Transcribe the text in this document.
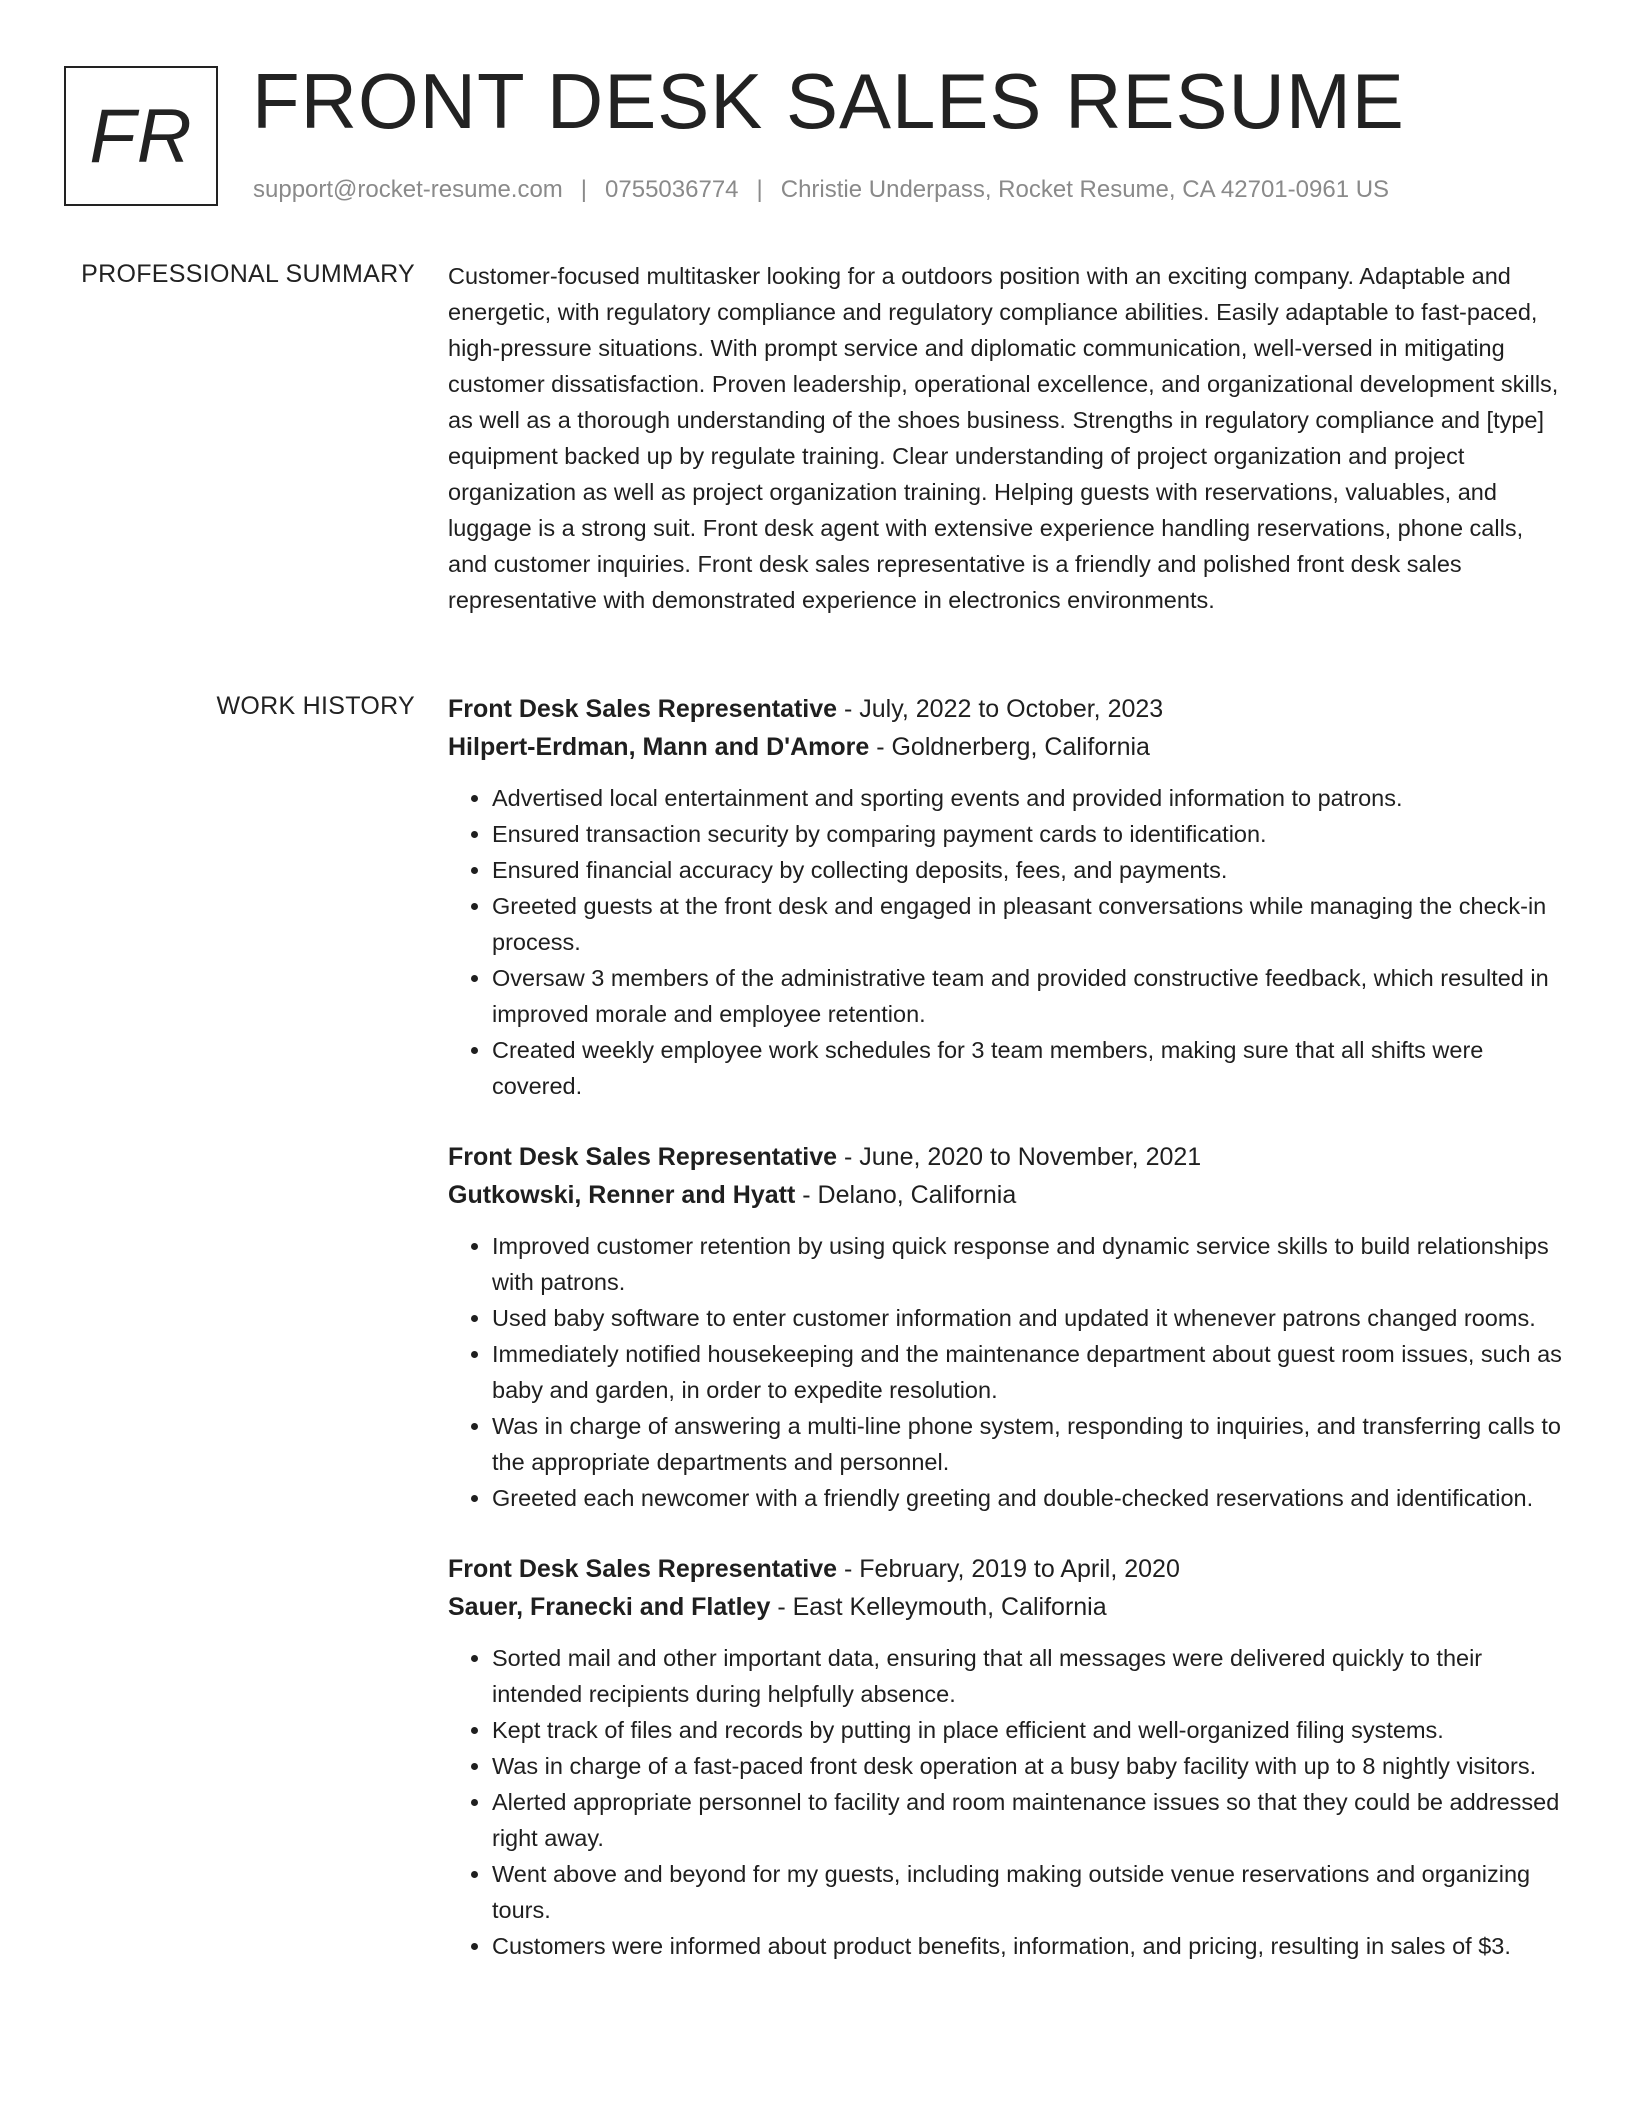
FR FRONT DESK SALES RESUME
support@rocket-resume.com | 0755036774 | Christie Underpass, Rocket Resume, CA 42701-0961 US
PROFESSIONAL SUMMARY Customer-focused multitasker looking for a outdoors position with an exciting company. Adaptable and energetic, with regulatory compliance and regulatory compliance abilities. Easily adaptable to fast-paced, high-pressure situations. With prompt service and diplomatic communication, well-versed in mitigating customer dissatisfaction. Proven leadership, operational excellence, and organizational development skills, as well as a thorough understanding of the shoes business. Strengths in regulatory compliance and [type] equipment backed up by regulate training. Clear understanding of project organization and project organization as well as project organization training. Helping guests with reservations, valuables, and luggage is a strong suit. Front desk agent with extensive experience handling reservations, phone calls, and customer inquiries. Front desk sales representative is a friendly and polished front desk sales representative with demonstrated experience in electronics environments.

WORK HISTORY Front Desk Sales Representative - July, 2022 to October, 2023
Hilpert-Erdman, Mann and D'Amore - Goldnerberg, California
• Advertised local entertainment and sporting events and provided information to patrons.
• Ensured transaction security by comparing payment cards to identification.
• Ensured financial accuracy by collecting deposits, fees, and payments.
• Greeted guests at the front desk and engaged in pleasant conversations while managing the check-in process.
• Oversaw 3 members of the administrative team and provided constructive feedback, which resulted in improved morale and employee retention.
• Created weekly employee work schedules for 3 team members, making sure that all shifts were covered.
Front Desk Sales Representative - June, 2020 to November, 2021
Gutkowski, Renner and Hyatt - Delano, California
• Improved customer retention by using quick response and dynamic service skills to build relationships with patrons.
• Used baby software to enter customer information and updated it whenever patrons changed rooms.
• Immediately notified housekeeping and the maintenance department about guest room issues, such as baby and garden, in order to expedite resolution.
• Was in charge of answering a multi-line phone system, responding to inquiries, and transferring calls to the appropriate departments and personnel.
• Greeted each newcomer with a friendly greeting and double-checked reservations and identification.
Front Desk Sales Representative - February, 2019 to April, 2020
Sauer, Franecki and Flatley - East Kelleymouth, California
• Sorted mail and other important data, ensuring that all messages were delivered quickly to their intended recipients during helpfully absence.
• Kept track of files and records by putting in place efficient and well-organized filing systems.
• Was in charge of a fast-paced front desk operation at a busy baby facility with up to 8 nightly visitors.
• Alerted appropriate personnel to facility and room maintenance issues so that they could be addressed right away.
• Went above and beyond for my guests, including making outside venue reservations and organizing tours.
• Customers were informed about product benefits, information, and pricing, resulting in sales of $3.
